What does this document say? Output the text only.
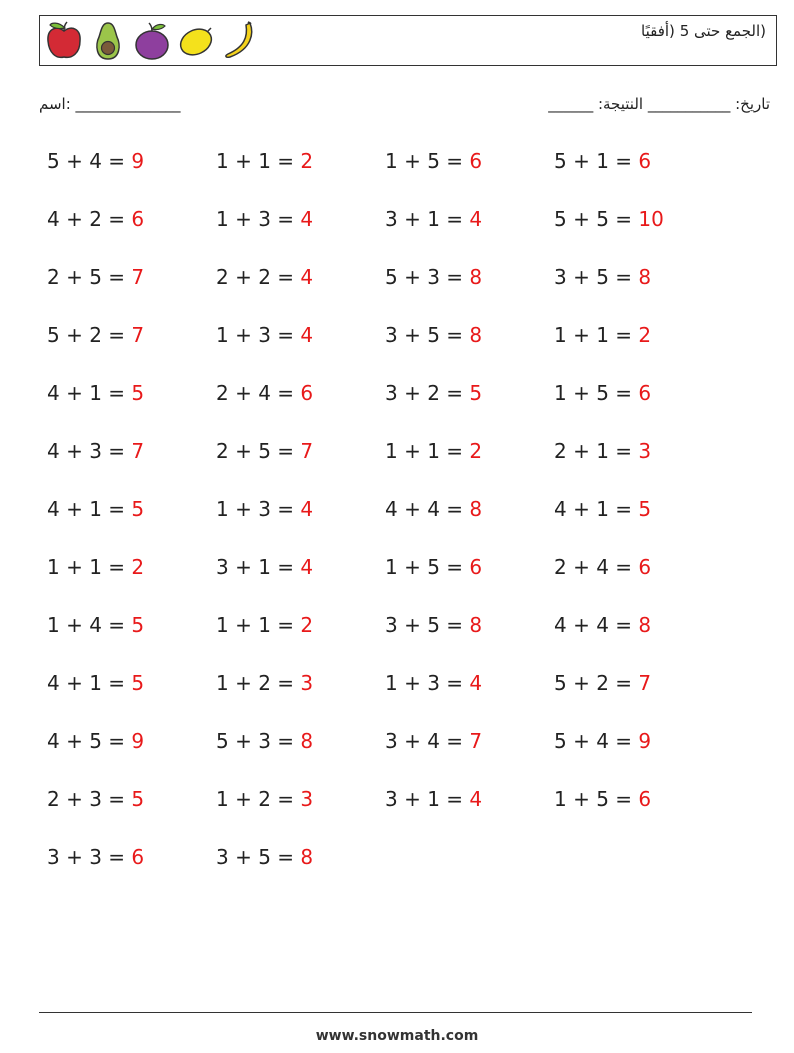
(الجمع حتى 5 (أفقيًا
اسم: ______________	______ :تاريخ: ___________ النتيجة
5 + 4 = 9	1 + 1 = 2	1 + 5 = 6	5 + 1 = 6
4 + 2 = 6	1 + 3 = 4	3 + 1 = 4	5 + 5 = 10
2 + 5 = 7	2 + 2 = 4	5 + 3 = 8	3 + 5 = 8
5 + 2 = 7	1 + 3 = 4	3 + 5 = 8	1 + 1 = 2
4 + 1 = 5	2 + 4 = 6	3 + 2 = 5	1 + 5 = 6
4 + 3 = 7	2 + 5 = 7	1 + 1 = 2	2 + 1 = 3
4 + 1 = 5	1 + 3 = 4	4 + 4 = 8	4 + 1 = 5
1 + 1 = 2	3 + 1 = 4	1 + 5 = 6	2 + 4 = 6
1 + 4 = 5	1 + 1 = 2	3 + 5 = 8	4 + 4 = 8
4 + 1 = 5	1 + 2 = 3	1 + 3 = 4	5 + 2 = 7
4 + 5 = 9	5 + 3 = 8	3 + 4 = 7	5 + 4 = 9
2 + 3 = 5	1 + 2 = 3	3 + 1 = 4	1 + 5 = 6
3 + 3 = 6	3 + 5 = 8
www.snowmath.com
